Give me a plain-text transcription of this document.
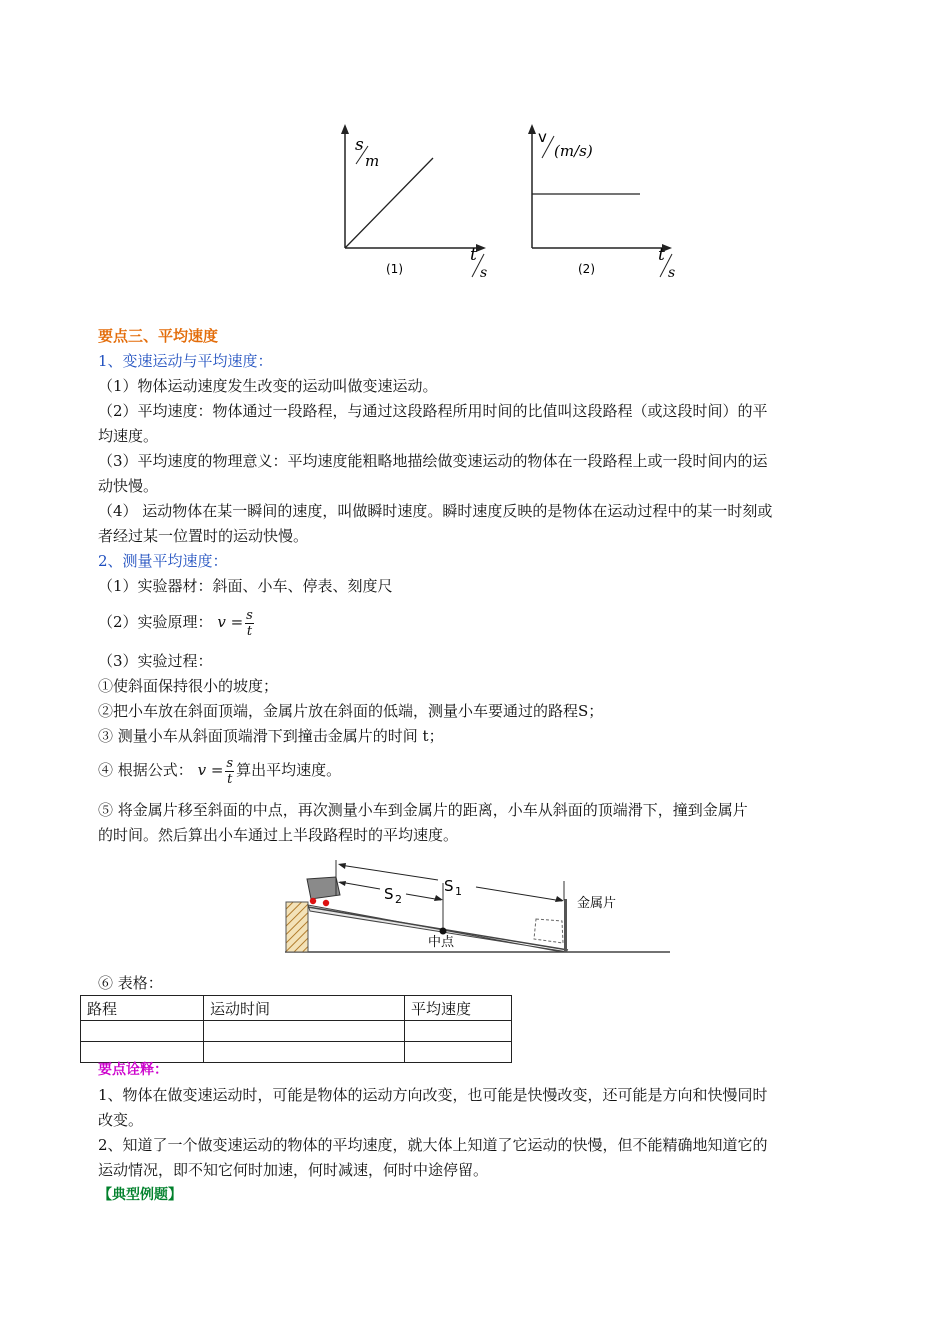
s
m
t
s
(1)
v
(m/s)
t
s
(2)
要点三、平均速度
1、变速运动与平均速度：
（1）物体运动速度发生改变的运动叫做变速运动。
（2）平均速度：物体通过一段路程，与通过这段路程所用时间的比值叫这段路程（或这段时间）的平
均速度。
（3）平均速度的物理意义：平均速度能粗略地描绘做变速运动的物体在一段路程上或一段时间内的运
动快慢。
（4） 运动物体在某一瞬间的速度，叫做瞬时速度。瞬时速度反映的是物体在运动过程中的某一时刻或
者经过某一位置时的运动快慢。
2、测量平均速度：
（1）实验器材：斜面、小车、停表、刻度尺
（2）实验原理： $v = \frac{s}{t}$
（3）实验过程：
①使斜面保持很小的坡度；
②把小车放在斜面顶端，金属片放在斜面的低端，测量小车要通过的路程S；
③ 测量小车从斜面顶端滑下到撞击金属片的时间 t；
④ 根据公式： $v = \frac{s}{t}$ 算出平均速度。
⑤ 将金属片移至斜面的中点，再次测量小车到金属片的距离，小车从斜面的顶端滑下，撞到金属片
的时间。然后算出小车通过上半段路程时的平均速度。
S 1
S 2
中点
金属片
⑥ 表格：
路程	运动时间	平均速度

要点诠释：
1、物体在做变速运动时，可能是物体的运动方向改变，也可能是快慢改变，还可能是方向和快慢同时
改变。
2、知道了一个做变速运动的物体的平均速度，就大体上知道了它运动的快慢，但不能精确地知道它的
运动情况，即不知它何时加速，何时减速，何时中途停留。
【典型例题】
